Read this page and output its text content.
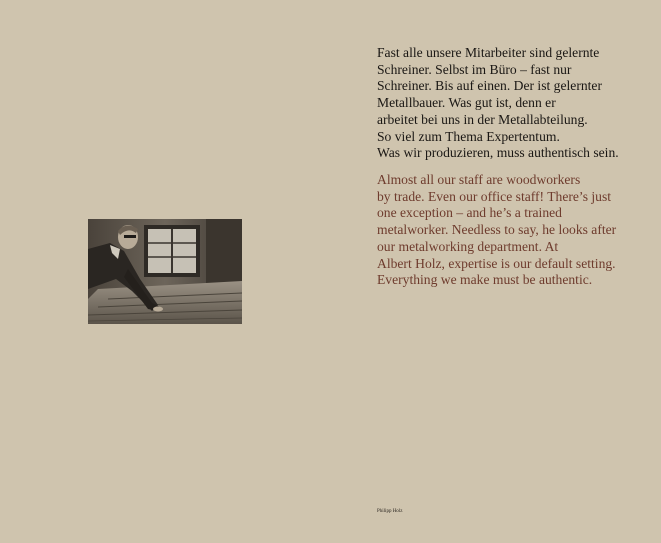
Fast alle unsere Mitarbeiter sind gelernte
Schreiner. Selbst im Büro – fast nur
Schreiner. Bis auf einen. Der ist gelernter
Metallbauer. Was gut ist, denn er
arbeitet bei uns in der Metallabteilung.
So viel zum Thema Expertentum.
Was wir produzieren, muss authentisch sein.

Almost all our staff are woodworkers
by trade. Even our office staff! There’s just
one exception – and he’s a trained
metalworker. Needless to say, he looks after
our metalworking department. At
Albert Holz, expertise is our default setting.
Everything we make must be authentic.

Philipp Holz
